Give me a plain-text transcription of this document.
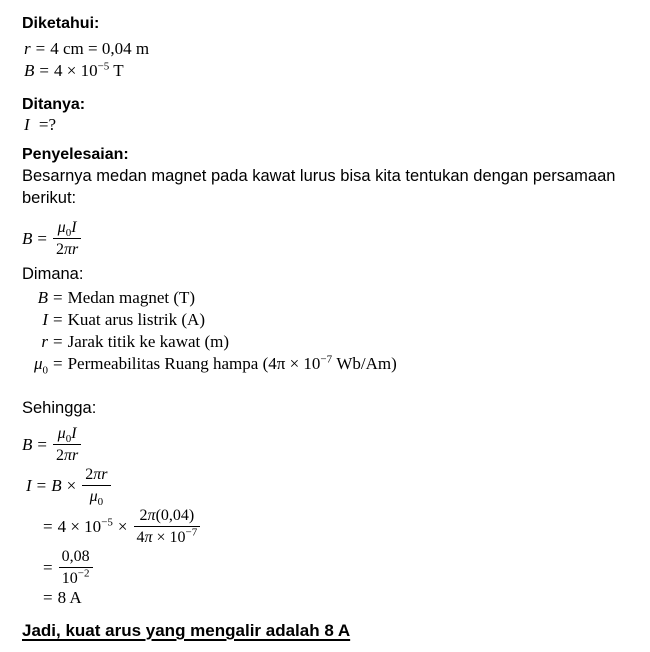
Diketahui:
r = 4 cm = 0,04 m
$B = 4 \times 10^{-5}$ T
Ditanya:
I =?
Penyelesaian:
Besarnya medan magnet pada kawat lurus bisa kita tentukan dengan persamaan berikut:
$B = \frac{\mu_0I}{2\pi r}$
Dimana:
B = Medan magnet (T)
I = Kuat arus listrik (A)
r = Jarak titik ke kawat (m)
$\mu_0$ = Permeabilitas Ruang hampa ($4\pi \times 10^{-7}$ Wb/Am)
Sehingga:
$B = \frac{\mu_0I}{2\pi r}$
$I = B \times \frac{2\pi r}{\mu_0}$
= $4 \times 10^{-5} \times \frac{2\pi(0,04)}{4\pi \times 10^{-7}}$
= $\frac{0,08}{10^{-2}}$
= 8 A
Jadi, kuat arus yang mengalir adalah 8 A
